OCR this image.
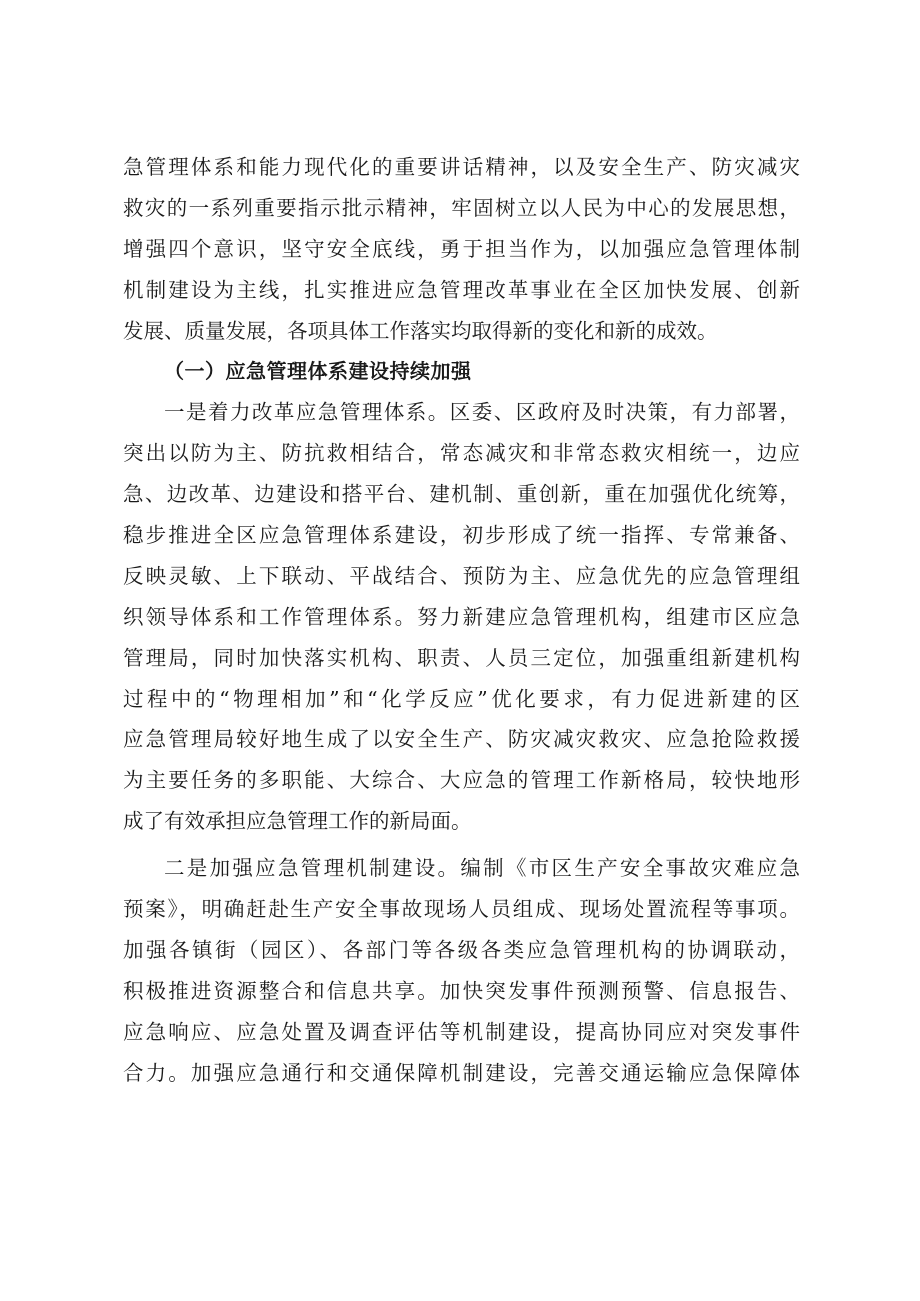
急管理体系和能力现代化的重要讲话精神，以及安全生产、防灾减灾
救灾的一系列重要指示批示精神，牢固树立以人民为中心的发展思想，
增强四个意识，坚守安全底线，勇于担当作为，以加强应急管理体制
机制建设为主线，扎实推进应急管理改革事业在全区加快发展、创新
发展、质量发展，各项具体工作落实均取得新的变化和新的成效。
（一）应急管理体系建设持续加强
一是着力改革应急管理体系。区委、区政府及时决策，有力部署，
突出以防为主、防抗救相结合，常态减灾和非常态救灾相统一，边应
急、边改革、边建设和搭平台、建机制、重创新，重在加强优化统筹，
稳步推进全区应急管理体系建设，初步形成了统一指挥、专常兼备、
反映灵敏、上下联动、平战结合、预防为主、应急优先的应急管理组
织领导体系和工作管理体系。努力新建应急管理机构，组建市区应急
管理局，同时加快落实机构、职责、人员三定位，加强重组新建机构
过程中的“物理相加”和“化学反应”优化要求，有力促进新建的区
应急管理局较好地生成了以安全生产、防灾减灾救灾、应急抢险救援
为主要任务的多职能、大综合、大应急的管理工作新格局，较快地形
成了有效承担应急管理工作的新局面。
二是加强应急管理机制建设。编制《市区生产安全事故灾难应急
预案》，明确赶赴生产安全事故现场人员组成、现场处置流程等事项。
加强各镇街（园区）、各部门等各级各类应急管理机构的协调联动，
积极推进资源整合和信息共享。加快突发事件预测预警、信息报告、
应急响应、应急处置及调查评估等机制建设，提高协同应对突发事件
合力。加强应急通行和交通保障机制建设，完善交通运输应急保障体
